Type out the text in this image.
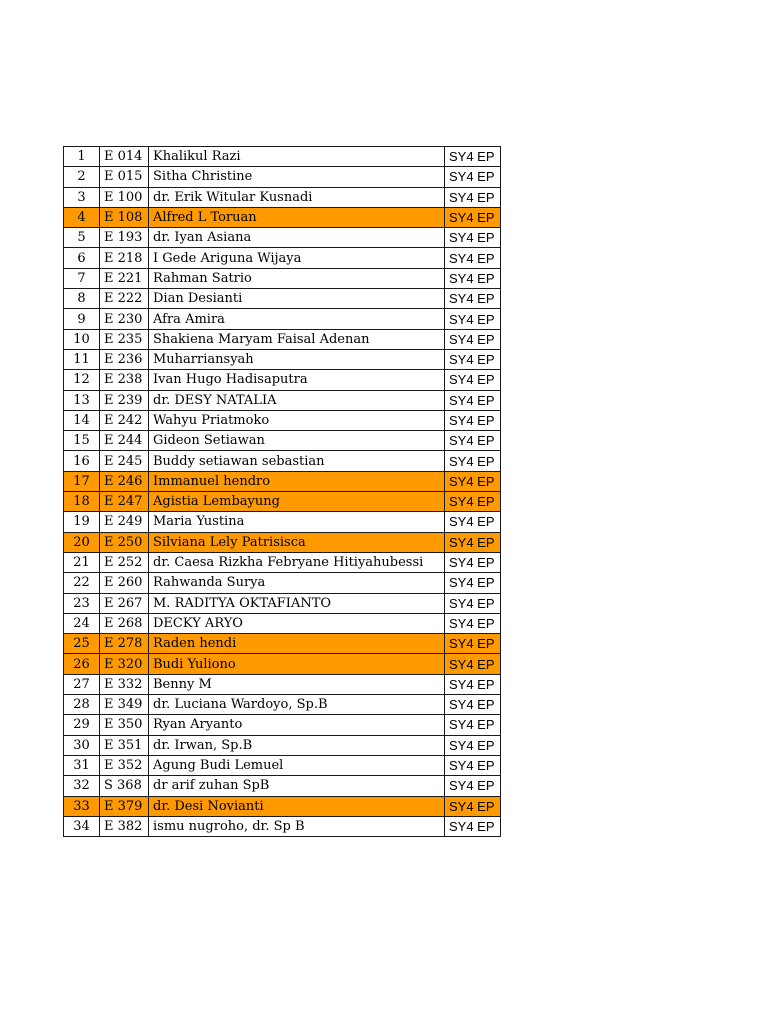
1	E 014	Khalikul Razi	SY4 EP
2	E 015	Sitha Christine	SY4 EP
3	E 100	dr. Erik Witular Kusnadi	SY4 EP
4	E 108	Alfred L Toruan	SY4 EP
5	E 193	dr. Iyan Asiana	SY4 EP
6	E 218	I Gede Ariguna Wijaya	SY4 EP
7	E 221	Rahman Satrio	SY4 EP
8	E 222	Dian Desianti	SY4 EP
9	E 230	Afra Amira	SY4 EP
10	E 235	Shakiena Maryam Faisal Adenan	SY4 EP
11	E 236	Muharriansyah	SY4 EP
12	E 238	Ivan Hugo Hadisaputra	SY4 EP
13	E 239	dr. DESY NATALIA	SY4 EP
14	E 242	Wahyu Priatmoko	SY4 EP
15	E 244	Gideon Setiawan	SY4 EP
16	E 245	Buddy setiawan sebastian	SY4 EP
17	E 246	Immanuel hendro	SY4 EP
18	E 247	Agistia Lembayung	SY4 EP
19	E 249	Maria Yustina	SY4 EP
20	E 250	Silviana Lely Patrisisca	SY4 EP
21	E 252	dr. Caesa Rizkha Febryane Hitiyahubessi	SY4 EP
22	E 260	Rahwanda Surya	SY4 EP
23	E 267	M. RADITYA OKTAFIANTO	SY4 EP
24	E 268	DECKY ARYO	SY4 EP
25	E 278	Raden hendi	SY4 EP
26	E 320	Budi Yuliono	SY4 EP
27	E 332	Benny M	SY4 EP
28	E 349	dr. Luciana Wardoyo, Sp.B	SY4 EP
29	E 350	Ryan Aryanto	SY4 EP
30	E 351	dr. Irwan, Sp.B	SY4 EP
31	E 352	Agung Budi Lemuel	SY4 EP
32	S 368	dr arif zuhan SpB	SY4 EP
33	E 379	dr. Desi Novianti	SY4 EP
34	E 382	ismu nugroho, dr. Sp B	SY4 EP
